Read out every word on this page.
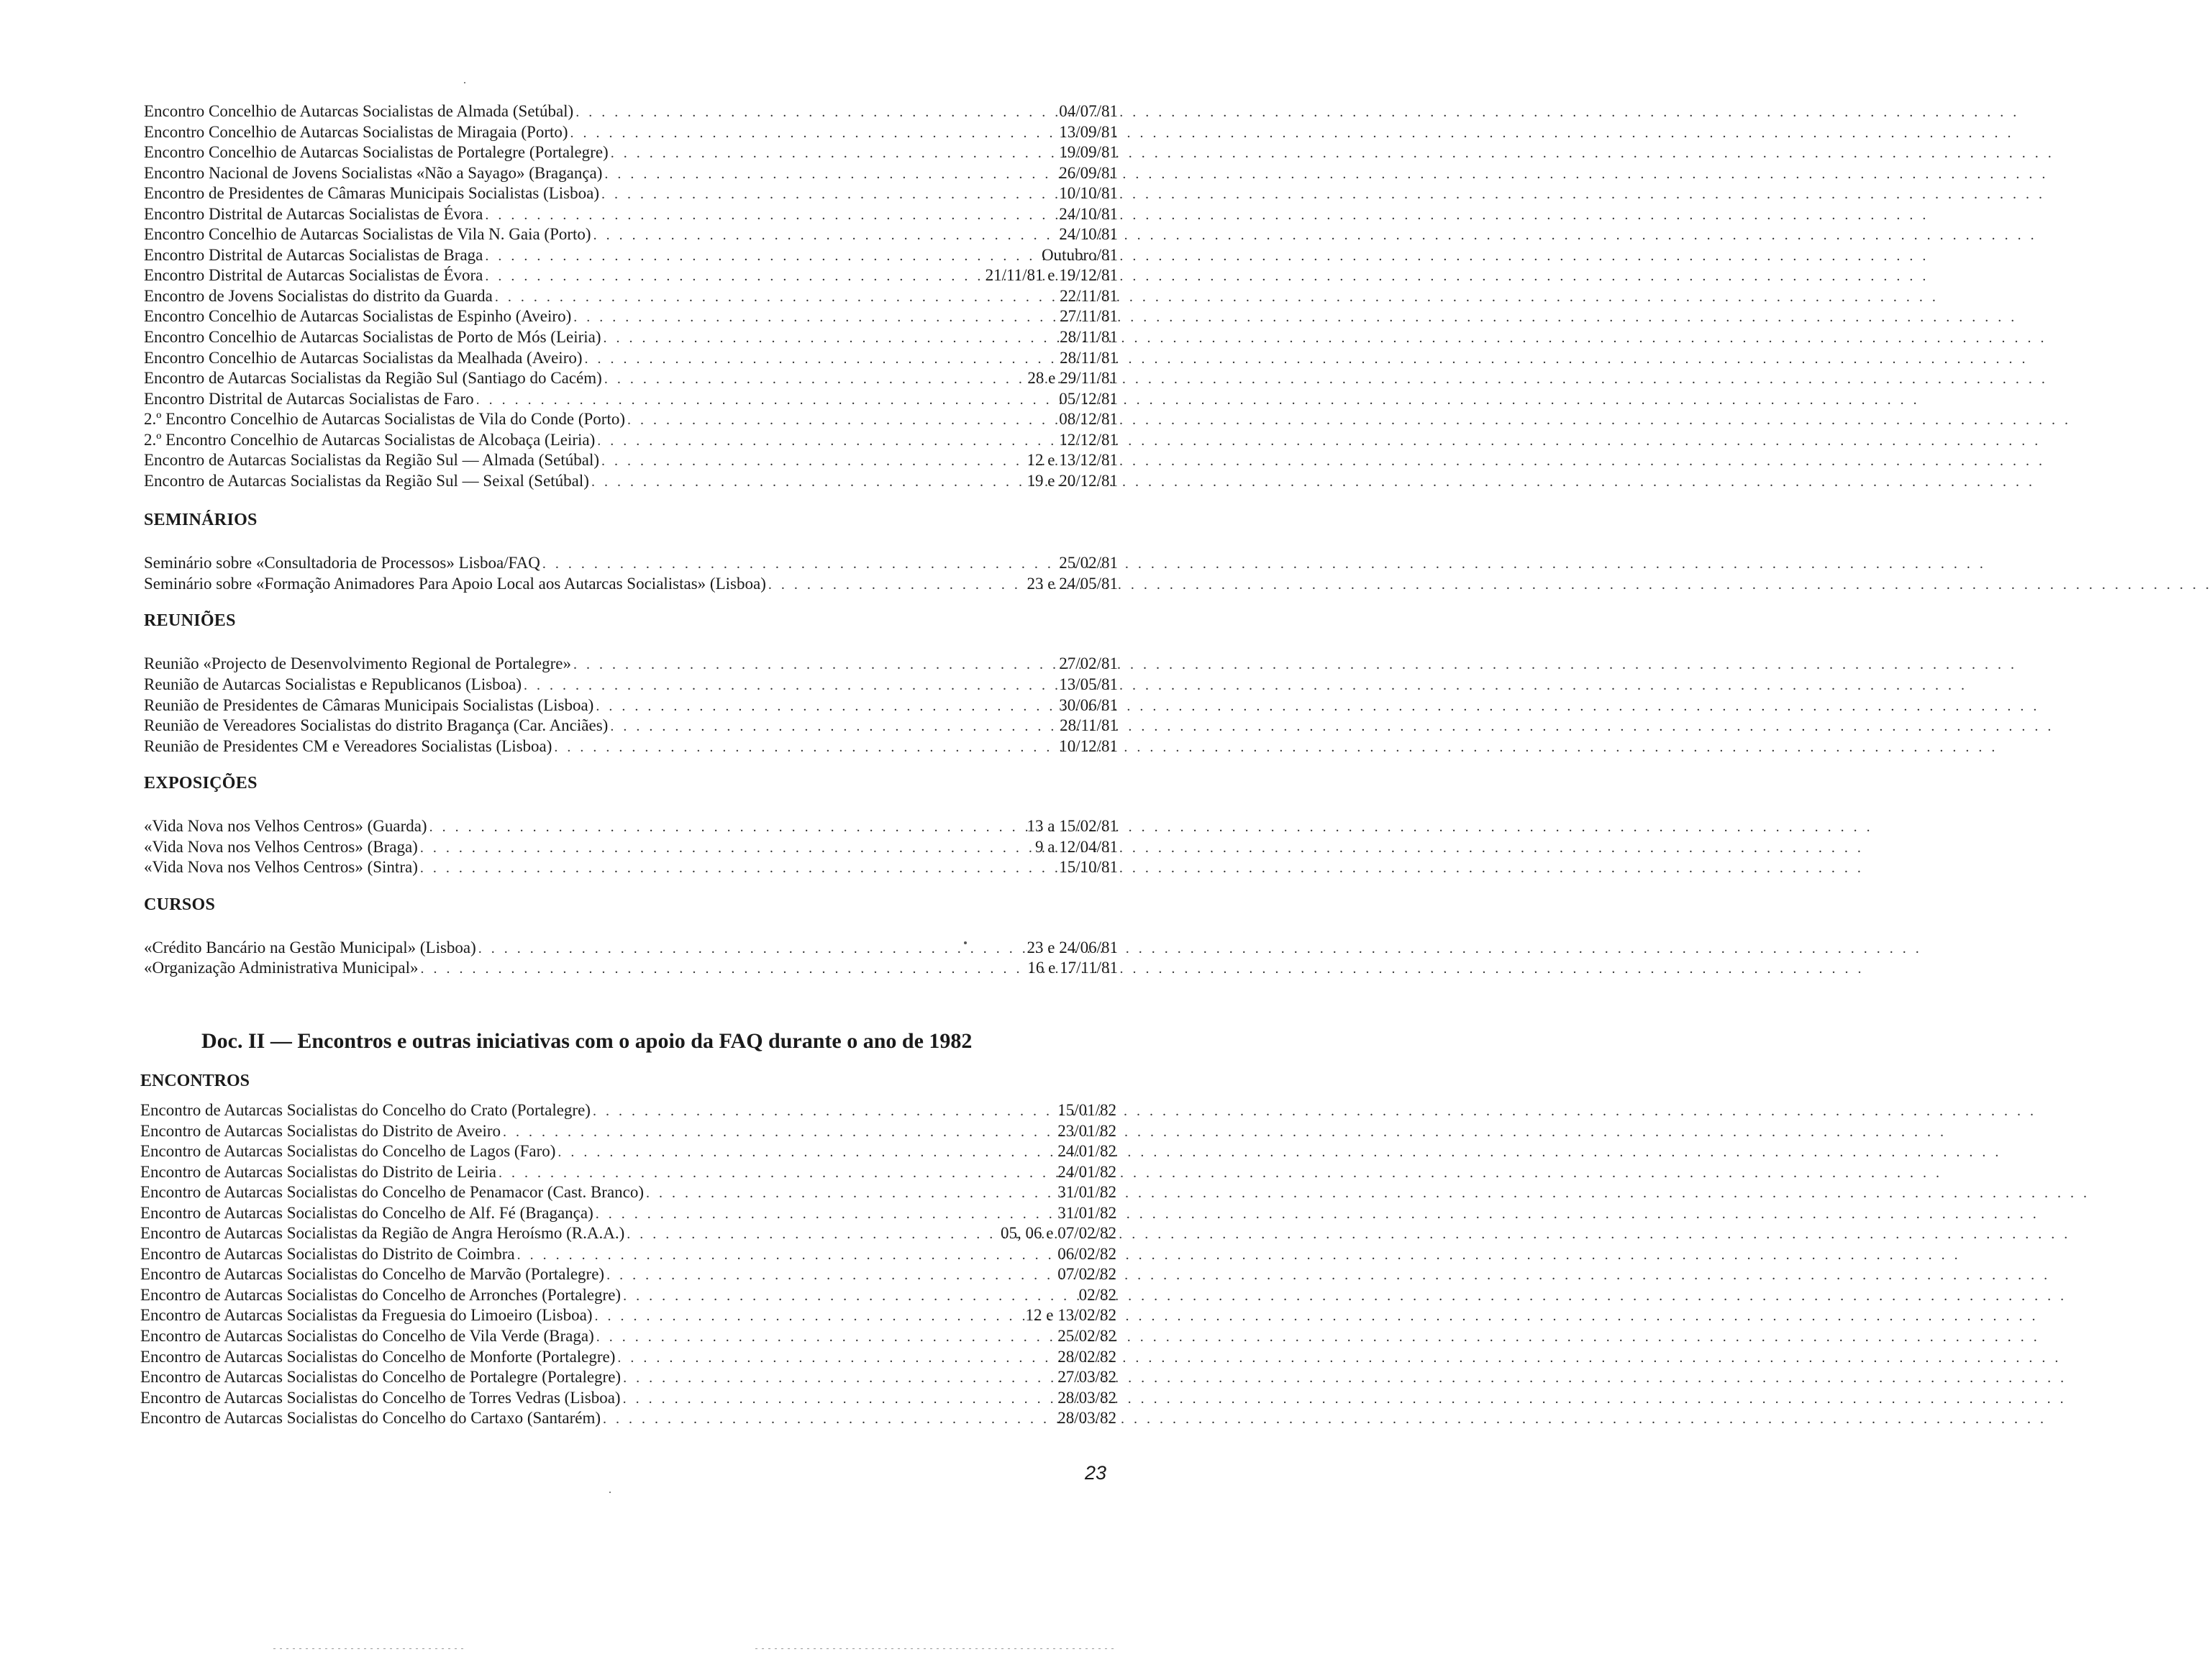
Encontro Concelhio de Autarcas Socialistas de Almada (Setúbal) . . .	04/07/81
Encontro Concelhio de Autarcas Socialistas de Miragaia (Porto) . . .	13/09/81
Encontro Concelhio de Autarcas Socialistas de Portalegre (Portalegre) . . .	19/09/81
Encontro Nacional de Jovens Socialistas «Não a Sayago» (Bragança) . . .	26/09/81
Encontro de Presidentes de Câmaras Municipais Socialistas (Lisboa) . . .	10/10/81
Encontro Distrital de Autarcas Socialistas de Évora . . .	24/10/81
Encontro Concelhio de Autarcas Socialistas de Vila N. Gaia (Porto) . . .	24/10/81
Encontro Distrital de Autarcas Socialistas de Braga . . .	Outubro/81
Encontro Distrital de Autarcas Socialistas de Évora . . .	21/11/81 e 19/12/81
Encontro de Jovens Socialistas do distrito da Guarda . . .	22/11/81
Encontro Concelhio de Autarcas Socialistas de Espinho (Aveiro) . . .	27/11/81
Encontro Concelhio de Autarcas Socialistas de Porto de Mós (Leiria) . . .	28/11/81
Encontro Concelhio de Autarcas Socialistas da Mealhada (Aveiro) . . .	28/11/81
Encontro de Autarcas Socialistas da Região Sul (Santiago do Cacém) . . .	28 e 29/11/81
Encontro Distrital de Autarcas Socialistas de Faro . . .	05/12/81
2.º Encontro Concelhio de Autarcas Socialistas de Vila do Conde (Porto) . . .	08/12/81
2.º Encontro Concelhio de Autarcas Socialistas de Alcobaça (Leiria) . . .	12/12/81
Encontro de Autarcas Socialistas da Região Sul — Almada (Setúbal) . . .	12 e 13/12/81
Encontro de Autarcas Socialistas da Região Sul — Seixal (Setúbal) . . .	19 e 20/12/81
SEMINÁRIOS
Seminário sobre «Consultadoria de Processos» Lisboa/FAQ . . .	25/02/81
Seminário sobre «Formação Animadores Para Apoio Local aos Autarcas Socialistas» (Lisboa) . . .	23 e 24/05/81
REUNIÕES
Reunião «Projecto de Desenvolvimento Regional de Portalegre» . . .	27/02/81
Reunião de Autarcas Socialistas e Republicanos (Lisboa) . . .	13/05/81
Reunião de Presidentes de Câmaras Municipais Socialistas (Lisboa) . . .	30/06/81
Reunião de Vereadores Socialistas do distrito Bragança (Car. Anciães) . . .	28/11/81
Reunião de Presidentes CM e Vereadores Socialistas (Lisboa) . . .	10/12/81
EXPOSIÇÕES
«Vida Nova nos Velhos Centros» (Guarda) . . .	13 a 15/02/81
«Vida Nova nos Velhos Centros» (Braga) . . .	9 a 12/04/81
«Vida Nova nos Velhos Centros» (Sintra) . . .	15/10/81
CURSOS
«Crédito Bancário na Gestão Municipal» (Lisboa) . . .	23 e 24/06/81
«Organização Administrativa Municipal» . . .	16 e 17/11/81
Doc. II — Encontros e outras iniciativas com o apoio da FAQ durante o ano de 1982
ENCONTROS
Encontro de Autarcas Socialistas do Concelho do Crato (Portalegre) . . .	15/01/82
Encontro de Autarcas Socialistas do Distrito de Aveiro . . .	23/01/82
Encontro de Autarcas Socialistas do Concelho de Lagos (Faro) . . .	24/01/82
Encontro de Autarcas Socialistas do Distrito de Leiria . . .	24/01/82
Encontro de Autarcas Socialistas do Concelho de Penamacor (Cast. Branco) . . .	31/01/82
Encontro de Autarcas Socialistas do Concelho de Alf. Fé (Bragança) . . .	31/01/82
Encontro de Autarcas Socialistas da Região de Angra Heroísmo (R.A.A.) . . .	05, 06 e 07/02/82
Encontro de Autarcas Socialistas do Distrito de Coimbra . . .	06/02/82
Encontro de Autarcas Socialistas do Concelho de Marvão (Portalegre) . . .	07/02/82
Encontro de Autarcas Socialistas do Concelho de Arronches (Portalegre) . . .	02/82
Encontro de Autarcas Socialistas da Freguesia do Limoeiro (Lisboa) . . .	12 e 13/02/82
Encontro de Autarcas Socialistas do Concelho de Vila Verde (Braga) . . .	25/02/82
Encontro de Autarcas Socialistas do Concelho de Monforte (Portalegre) . . .	28/02/82
Encontro de Autarcas Socialistas do Concelho de Portalegre (Portalegre) . . .	27/03/82
Encontro de Autarcas Socialistas do Concelho de Torres Vedras (Lisboa) . . .	28/03/82
Encontro de Autarcas Socialistas do Concelho do Cartaxo (Santarém) . . .	28/03/82
23
